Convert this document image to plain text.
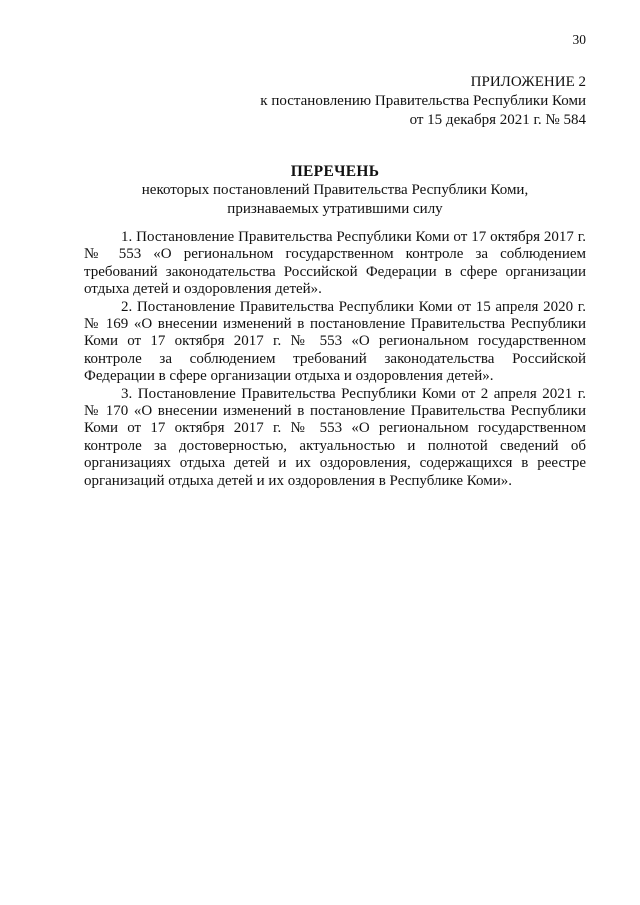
30
ПРИЛОЖЕНИЕ 2
к постановлению Правительства Республики Коми
от 15 декабря 2021 г. № 584
ПЕРЕЧЕНЬ
некоторых постановлений Правительства Республики Коми,
признаваемых утратившими силу

1. Постановление Правительства Республики Коми от 17 октября 2017 г. № 553 «О региональном государственном контроле за соблюдением требований законодательства Российской Федерации в сфере организации отдыха детей и оздоровления детей».

2. Постановление Правительства Республики Коми от 15 апреля 2020 г. № 169 «О внесении изменений в постановление Правительства Республики Коми от 17 октября 2017 г. № 553 «О региональном государственном контроле за соблюдением требований законодательства Российской Федерации в сфере организации отдыха и оздоровления детей».

3. Постановление Правительства Республики Коми от 2 апреля 2021 г. № 170 «О внесении изменений в постановление Правительства Республики Коми от 17 октября 2017 г. № 553 «О региональном государственном контроле за достоверностью, актуальностью и полнотой сведений об организациях отдыха детей и их оздоровления, содержащихся в реестре организаций отдыха детей и их оздоровления в Республике Коми».
